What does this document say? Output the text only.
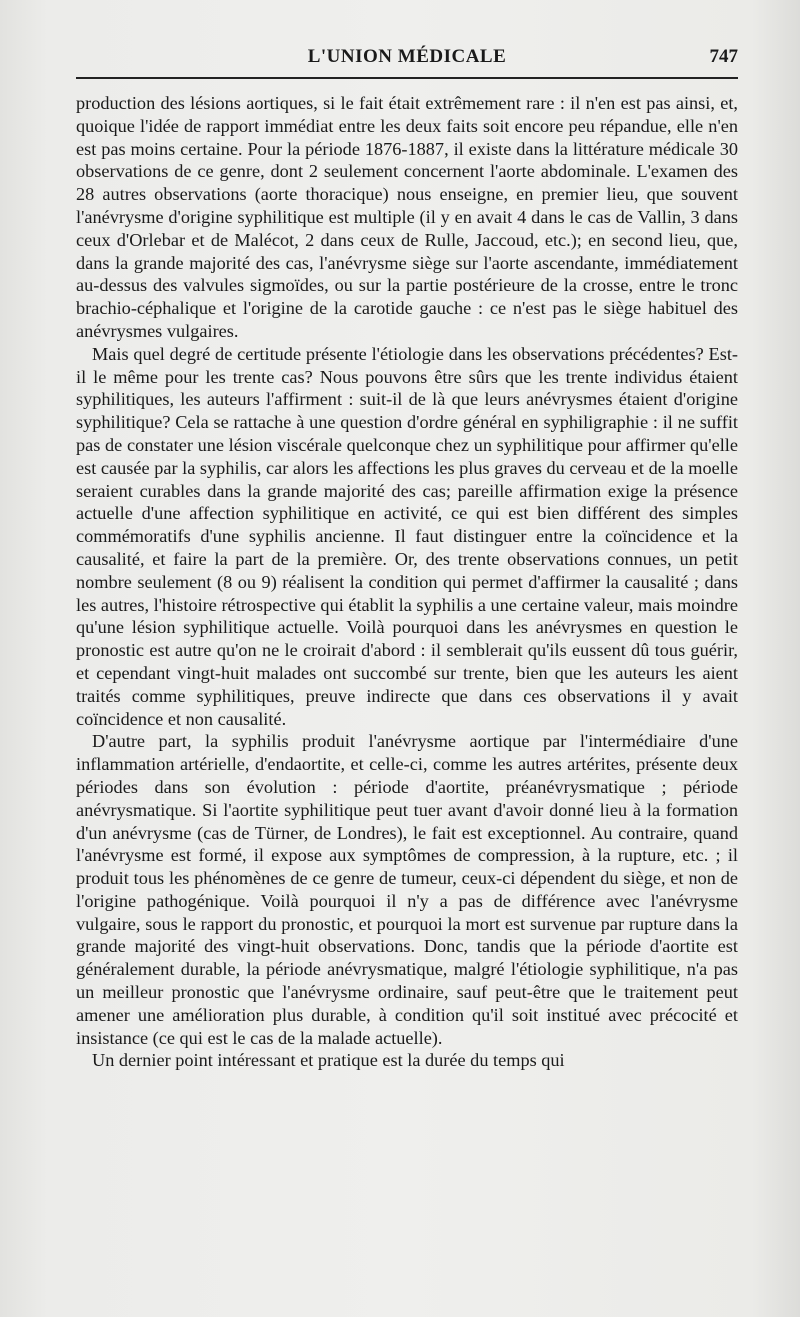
L'UNION MÉDICALE	747

production des lésions aortiques, si le fait était extrêmement rare : il n'en est pas ainsi, et, quoique l'idée de rapport immédiat entre les deux faits soit encore peu répandue, elle n'en est pas moins certaine. Pour la période 1876-1887, il existe dans la littérature médicale 30 observations de ce genre, dont 2 seulement concernent l'aorte abdominale. L'examen des 28 autres observations (aorte thoracique) nous enseigne, en premier lieu, que souvent l'anévrysme d'origine syphilitique est multiple (il y en avait 4 dans le cas de Vallin, 3 dans ceux d'Orlebar et de Malécot, 2 dans ceux de Rulle, Jaccoud, etc.); en second lieu, que, dans la grande majorité des cas, l'anévrysme siège sur l'aorte ascendante, immédiatement au-dessus des valvules sigmoïdes, ou sur la partie postérieure de la crosse, entre le tronc brachio-céphalique et l'origine de la carotide gauche : ce n'est pas le siège habituel des anévrysmes vulgaires.

Mais quel degré de certitude présente l'étiologie dans les observations précédentes? Est-il le même pour les trente cas? Nous pouvons être sûrs que les trente individus étaient syphilitiques, les auteurs l'affirment : suit-il de là que leurs anévrysmes étaient d'origine syphilitique? Cela se rattache à une question d'ordre général en syphiligraphie : il ne suffit pas de constater une lésion viscérale quelconque chez un syphilitique pour affirmer qu'elle est causée par la syphilis, car alors les affections les plus graves du cerveau et de la moelle seraient curables dans la grande majorité des cas; pareille affirmation exige la présence actuelle d'une affection syphilitique en activité, ce qui est bien différent des simples commémoratifs d'une syphilis ancienne. Il faut distinguer entre la coïncidence et la causalité, et faire la part de la première. Or, des trente observations connues, un petit nombre seulement (8 ou 9) réalisent la condition qui permet d'affirmer la causalité ; dans les autres, l'histoire rétrospective qui établit la syphilis a une certaine valeur, mais moindre qu'une lésion syphilitique actuelle. Voilà pourquoi dans les anévrysmes en question le pronostic est autre qu'on ne le croirait d'abord : il semblerait qu'ils eussent dû tous guérir, et cependant vingt-huit malades ont succombé sur trente, bien que les auteurs les aient traités comme syphilitiques, preuve indirecte que dans ces observations il y avait coïncidence et non causalité.

D'autre part, la syphilis produit l'anévrysme aortique par l'intermédiaire d'une inflammation artérielle, d'endaortite, et celle-ci, comme les autres artérites, présente deux périodes dans son évolution : période d'aortite, préanévrysmatique ; période anévrysmatique. Si l'aortite syphilitique peut tuer avant d'avoir donné lieu à la formation d'un anévrysme (cas de Türner, de Londres), le fait est exceptionnel. Au contraire, quand l'anévrysme est formé, il expose aux symptômes de compression, à la rupture, etc. ; il produit tous les phénomènes de ce genre de tumeur, ceux-ci dépendent du siège, et non de l'origine pathogénique. Voilà pourquoi il n'y a pas de différence avec l'anévrysme vulgaire, sous le rapport du pronostic, et pourquoi la mort est survenue par rupture dans la grande majorité des vingt-huit observations. Donc, tandis que la période d'aortite est généralement durable, la période anévrysmatique, malgré l'étiologie syphilitique, n'a pas un meilleur pronostic que l'anévrysme ordinaire, sauf peut-être que le traitement peut amener une amélioration plus durable, à condition qu'il soit institué avec précocité et insistance (ce qui est le cas de la malade actuelle).

Un dernier point intéressant et pratique est la durée du temps qui
